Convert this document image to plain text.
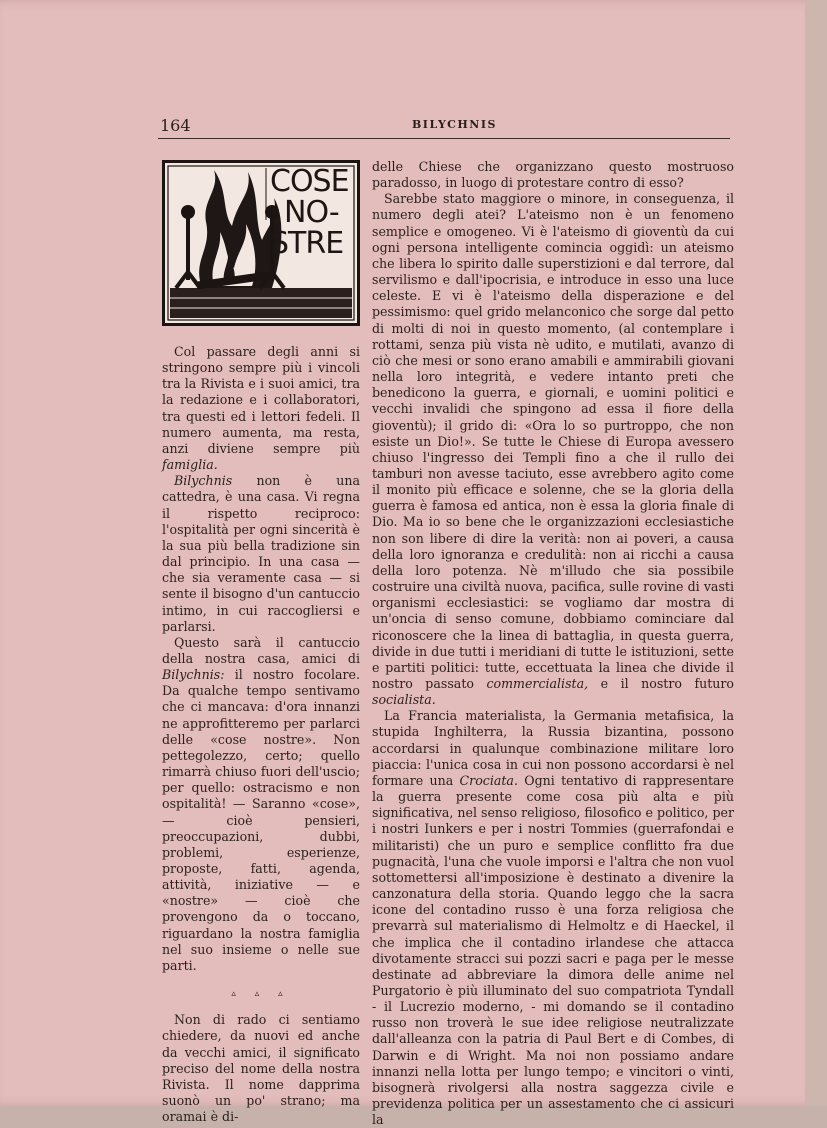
164	BILYCHNIS
COSE
NO-
STRE

Col passare degli anni si stringono sempre più i vincoli tra la Rivista e i suoi amici, tra la redazione e i collaboratori, tra questi ed i lettori fedeli. Il numero aumenta, ma resta, anzi diviene sempre più famiglia.

Bilychnis non è una cattedra, è una casa. Vi regna il rispetto reciproco: l'ospitalità per ogni sincerità è la sua più bella tradizione sin dal principio. In una casa — che sia veramente casa — si sente il bisogno d'un cantuccio intimo, in cui raccogliersi e parlarsi.

Questo sarà il cantuccio della nostra casa, amici di Bilychnis: il nostro focolare. Da qualche tempo sentivamo che ci mancava: d'ora innanzi ne approfitteremo per parlarci delle «cose nostre». Non pettegolezzo, certo; quello rimarrà chiuso fuori dell'uscio; per quello: ostracismo e non ospitalità! — Saranno «cose», — cioè pensieri, preoccupazioni, dubbi, problemi, esperienze, proposte, fatti, agenda, attività, iniziative — e «nostre» — cioè che provengono da o toccano, riguardano la nostra famiglia nel suo insieme o nelle sue parti.

▵ ▵ ▵

Non di rado ci sentiamo chiedere, da nuovi ed anche da vecchi amici, il significato preciso del nome della nostra Rivista. Il nome dapprima suonò un po' strano; ma oramai è di-

delle Chiese che organizzano questo mostruoso paradosso, in luogo di protestare contro di esso?

Sarebbe stato maggiore o minore, in conseguenza, il numero degli atei? L'ateismo non è un fenomeno semplice e omogeneo. Vi è l'ateismo di gioventù da cui ogni persona intelligente comincia oggidì: un ateismo che libera lo spirito dalle superstizioni e dal terrore, dal servilismo e dall'ipocrisia, e introduce in esso una luce celeste. E vi è l'ateismo della disperazione e del pessimismo: quel grido melanconico che sorge dal petto di molti di noi in questo momento, (al contemplare i rottami, senza più vista nè udito, e mutilati, avanzo di ciò che mesi or sono erano amabili e ammirabili giovani nella loro integrità, e vedere intanto preti che benedicono la guerra, e giornali, e uomini politici e vecchi invalidi che spingono ad essa il fiore della gioventù); il grido di: «Ora lo so purtroppo, che non esiste un Dio!». Se tutte le Chiese di Europa avessero chiuso l'ingresso dei Templi fino a che il rullo dei tamburi non avesse taciuto, esse avrebbero agito come il monito più efficace e solenne, che se la gloria della guerra è famosa ed antica, non è essa la gloria finale di Dio. Ma io so bene che le organizzazioni ecclesiastiche non son libere di dire la verità: non ai poveri, a causa della loro ignoranza e credulità: non ai ricchi a causa della loro potenza. Nè m'illudo che sia possibile costruire una civiltà nuova, pacifica, sulle rovine di vasti organismi ecclesiastici: se vogliamo dar mostra di un'oncia di senso comune, dobbiamo cominciare dal riconoscere che la linea di battaglia, in questa guerra, divide in due tutti i meridiani di tutte le istituzioni, sette e partiti politici: tutte, eccettuata la linea che divide il nostro passato commercialista, e il nostro futuro socialista.

La Francia materialista, la Germania metafisica, la stupida Inghilterra, la Russia bizantina, possono accordarsi in qualunque combinazione militare loro piaccia: l'unica cosa in cui non possono accordarsi è nel formare una Crociata. Ogni tentativo di rappresentare la guerra presente come cosa più alta e più significativa, nel senso religioso, filosofico e politico, per i nostri Iunkers e per i nostri Tommies (guerrafondai e militaristi) che un puro e semplice conflitto fra due pugnacità, l'una che vuole imporsi e l'altra che non vuol sottomettersi all'imposizione è destinato a divenire la canzonatura della storia. Quando leggo che la sacra icone del contadino russo è una forza religiosa che prevarrà sul materialismo di Helmoltz e di Haeckel, il che implica che il contadino irlandese che attacca divotamente stracci sui pozzi sacri e paga per le messe destinate ad abbreviare la dimora delle anime nel Purgatorio è più illuminato del suo compatriota Tyndall - il Lucrezio moderno, - mi domando se il contadino russo non troverà le sue idee religiose neutralizzate dall'alleanza con la patria di Paul Bert e di Combes, di Darwin e di Wright. Ma noi non possiamo andare innanzi nella lotta per lungo tempo; e vincitori o vinti, bisognerà rivolgersi alla nostra saggezza civile e previdenza politica per un assestamento che ci assicuri la
